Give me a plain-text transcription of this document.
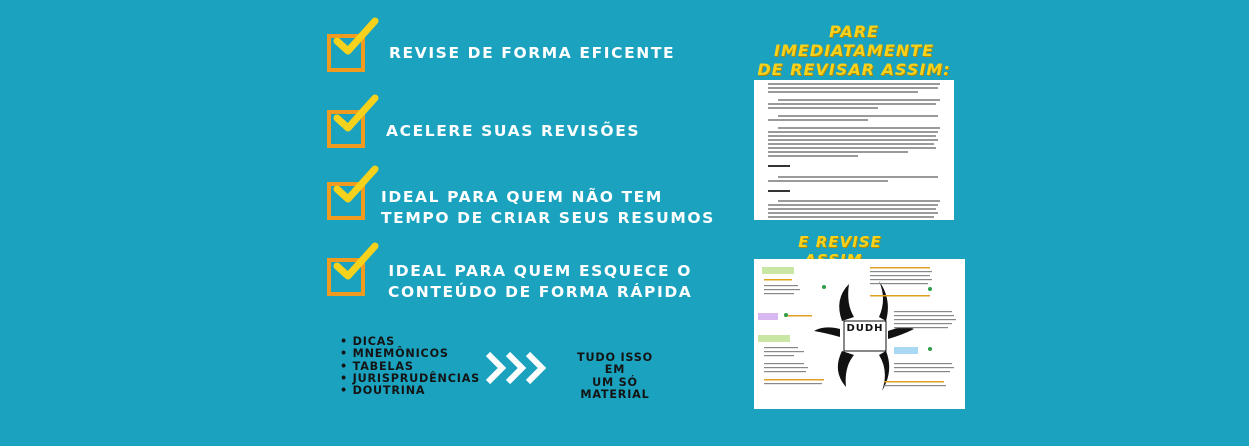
REVISE DE FORMA EFICENTE
ACELERE SUAS REVISÕES
IDEAL PARA QUEM NÃO TEM
TEMPO DE CRIAR SEUS RESUMOS
IDEAL PARA QUEM ESQUECE O
CONTEÚDO DE FORMA RÁPIDA
• DICAS
• MNEMÔNICOS
• TABELAS
• JURISPRUDÊNCIAS
• DOUTRINA
TUDO ISSO EM
UM SÓ
MATERIAL
PARE IMEDIATAMENTE
DE REVISAR ASSIM:
E REVISE
DUDH
